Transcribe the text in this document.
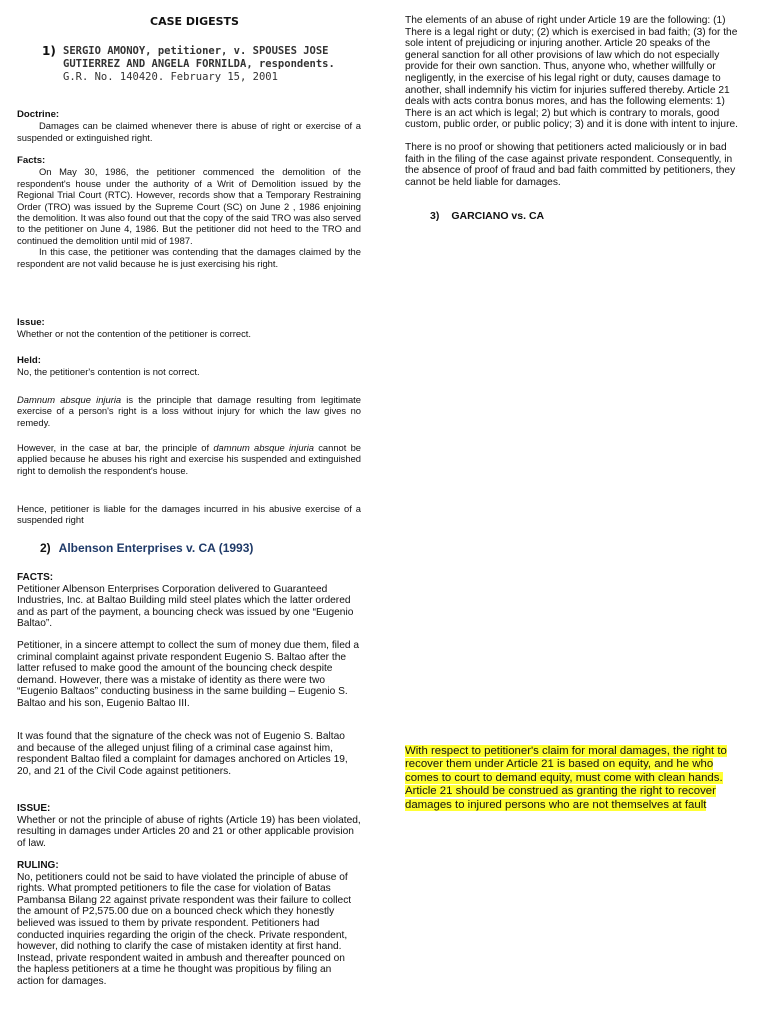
CASE DIGESTS
1) SERGIO AMONOY, petitioner, v. SPOUSES JOSE GUTIERREZ AND ANGELA FORNILDA, respondents.

G.R. No. 140420. February 15, 2001

Doctrine:

Damages can be claimed whenever there is abuse of right or exercise of a suspended or extinguished right.

Facts:

On May 30, 1986, the petitioner commenced the demolition of the respondent's house under the authority of a Writ of Demolition issued by the Regional Trial Court (RTC). However, records show that a Temporary Restraining Order (TRO) was issued by the Supreme Court (SC) on June 2 , 1986 enjoining the demolition. It was also found out that the copy of the said TRO was also served to the petitioner on June 4, 1986. But the petitioner did not heed to the TRO and continued the demolition until mid of 1987.

In this case, the petitioner was contending that the damages claimed by the respondent are not valid because he is just exercising his right.

Issue:

Whether or not the contention of the petitioner is correct.

Held:

No, the petitioner's contention is not correct.

Damnum absque injuria is the principle that damage resulting from legitimate exercise of a person's right is a loss without injury for which the law gives no remedy.

However, in the case at bar, the principle of damnum absque injuria cannot be applied because he abuses his right and exercise his suspended and extinguished right to demolish the respondent's house.

Hence, petitioner is liable for the damages incurred in his abusive exercise of a suspended right

2) Albenson Enterprises v. CA (1993)

FACTS:

Petitioner Albenson Enterprises Corporation delivered to Guaranteed Industries, Inc. at Baltao Building mild steel plates which the latter ordered and as part of the payment, a bouncing check was issued by one “Eugenio Baltao”.

Petitioner, in a sincere attempt to collect the sum of money due them, filed a criminal complaint against private respondent Eugenio S. Baltao after the latter refused to make good the amount of the bouncing check despite demand. However, there was a mistake of identity as there were two “Eugenio Baltaos” conducting business in the same building – Eugenio S. Baltao and his son, Eugenio Baltao III.

It was found that the signature of the check was not of Eugenio S. Baltao and because of the alleged unjust filing of a criminal case against him, respondent Baltao filed a complaint for damages anchored on Articles 19, 20, and 21 of the Civil Code against petitioners.

ISSUE:

Whether or not the principle of abuse of rights (Article 19) has been violated, resulting in damages under Articles 20 and 21 or other applicable provision of law.

RULING:

No, petitioners could not be said to have violated the principle of abuse of rights. What prompted petitioners to file the case for violation of Batas Pambansa Bilang 22 against private respondent was their failure to collect the amount of P2,575.00 due on a bounced check which they honestly believed was issued to them by private respondent. Petitioners had conducted inquiries regarding the origin of the check. Private respondent, however, did nothing to clarify the case of mistaken identity at first hand. Instead, private respondent waited in ambush and thereafter pounced on the hapless petitioners at a time he thought was propitious by filing an action for damages.

The elements of an abuse of right under Article 19 are the following: (1) There is a legal right or duty; (2) which is exercised in bad faith; (3) for the sole intent of prejudicing or injuring another. Article 20 speaks of the general sanction for all other provisions of law which do not especially provide for their own sanction. Thus, anyone who, whether willfully or negligently, in the exercise of his legal right or duty, causes damage to another, shall indemnify his victim for injuries suffered thereby. Article 21 deals with acts contra bonus mores, and has the following elements: 1) There is an act which is legal; 2) but which is contrary to morals, good custom, public order, or public policy; 3) and it is done with intent to injure.

There is no proof or showing that petitioners acted maliciously or in bad faith in the filing of the case against private respondent. Consequently, in the absence of proof of fraud and bad faith committed by petitioners, they cannot be held liable for damages.

3) GARCIANO vs. CA

With respect to petitioner's claim for moral damages, the right to recover them under Article 21 is based on equity, and he who comes to court to demand equity, must come with clean hands. Article 21 should be construed as granting the right to recover damages to injured persons who are not themselves at fault
